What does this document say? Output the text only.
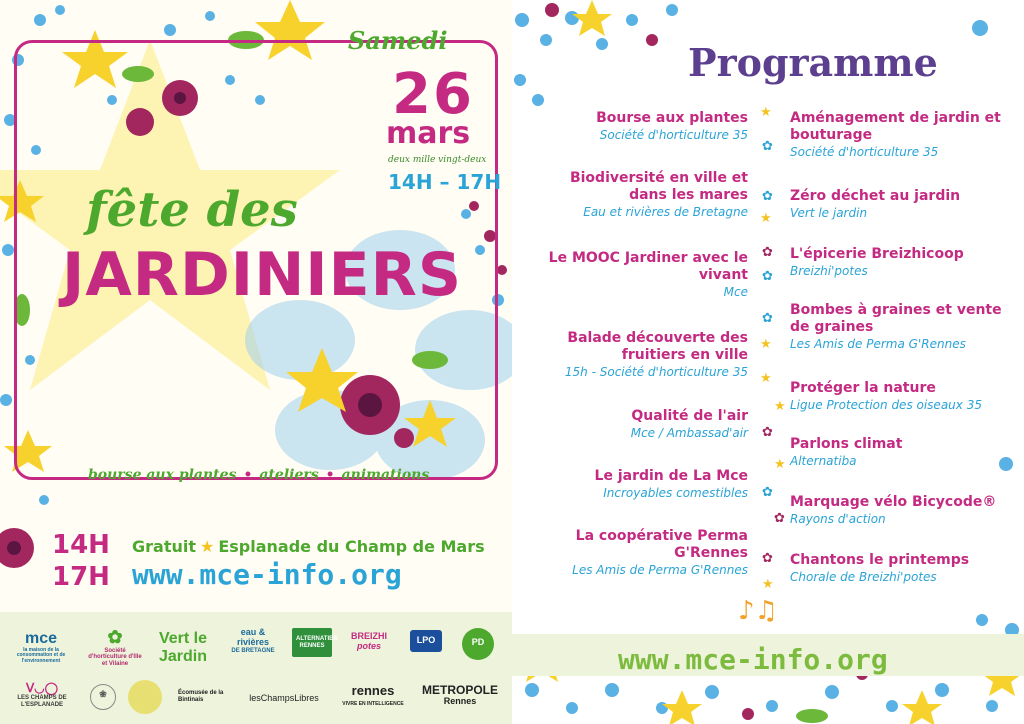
Samedi
26
mars
deux mille vingt-deux
14H – 17H
fête des
JARDINIERS
bourse aux plantes • ateliers • animations
14H
17H
Gratuit ★ Esplanade du Champ de Mars
www.mce-info.org
mce
la maison de la consommation et de l'environnement
✿
Société d'horticulture d'Ille et Vilaine
Vert le Jardin
eau & rivières
DE BRETAGNE
ALTERNATIBA
RENNES
BREIZHI
potes
LPO	PD
ᐯ◡◯
LES CHAMPS DE L'ESPLANADE
❀	Écomusée de la Bintinais	lesChampsLibres	rennes
VIVRE EN INTELLIGENCE
METROPOLE
Rennes
Programme
Bourse aux plantes
Société d'horticulture 35
Biodiversité en ville et dans les mares
Eau et rivières de Bretagne
Le MOOC Jardiner avec le vivant
Mce
Balade découverte des fruitiers en ville
15h - Société d'horticulture 35
Qualité de l'air
Mce / Ambassad'air
Le jardin de La Mce
Incroyables comestibles
La coopérative Perma G'Rennes
Les Amis de Perma G'Rennes
★
✿
✿
★
✿
✿
✿
★
★
★
✿
★
✿
✿
✿
★
Aménagement de jardin et bouturage
Société d'horticulture 35
Zéro déchet au jardin
Vert le jardin
L'épicerie Breizhicoop
Breizhi'potes
Bombes à graines et vente de graines
Les Amis de Perma G'Rennes
Protéger la nature
Ligue Protection des oiseaux 35
Parlons climat
Alternatiba
Marquage vélo Bicycode®
Rayons d'action
Chantons le printemps
Chorale de Breizhi'potes
♪♫
www.mce-info.org
